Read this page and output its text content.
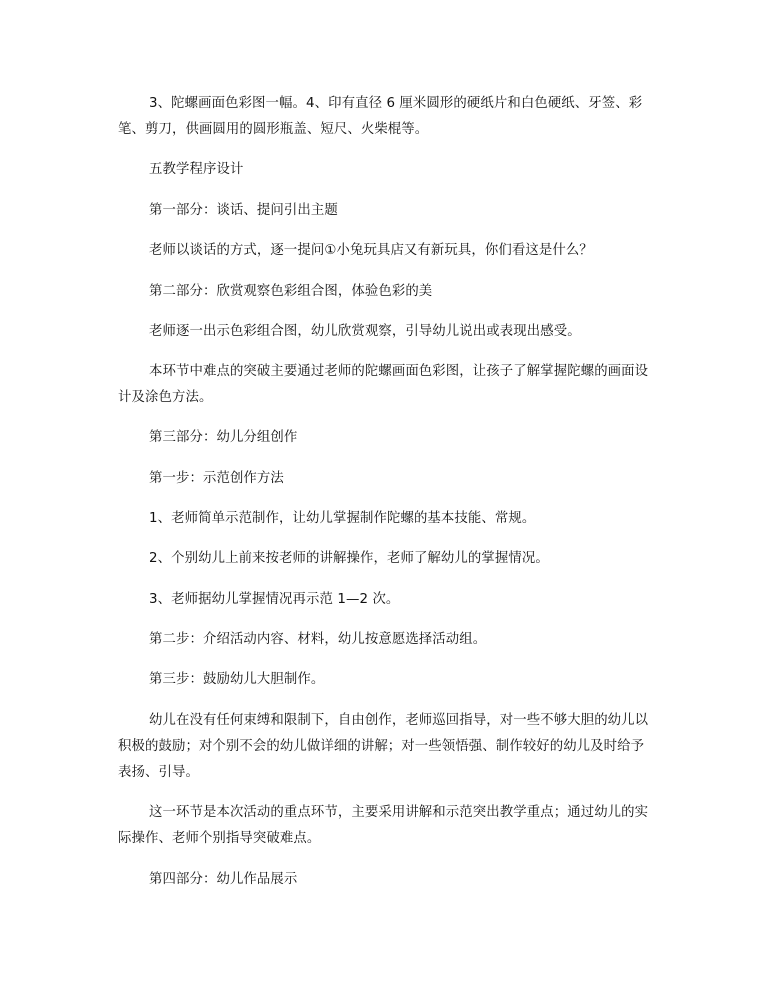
3、陀螺画面色彩图一幅。4、印有直径 6 厘米圆形的硬纸片和白色硬纸、牙签、彩笔、剪刀，供画圆用的圆形瓶盖、短尺、火柴棍等。

五教学程序设计

第一部分：谈话、提问引出主题

老师以谈话的方式，逐一提问①小兔玩具店又有新玩具，你们看这是什么？

第二部分：欣赏观察色彩组合图，体验色彩的美

老师逐一出示色彩组合图，幼儿欣赏观察，引导幼儿说出或表现出感受。

本环节中难点的突破主要通过老师的陀螺画面色彩图，让孩子了解掌握陀螺的画面设计及涂色方法。

第三部分：幼儿分组创作

第一步：示范创作方法

1、老师简单示范制作，让幼儿掌握制作陀螺的基本技能、常规。

2、个别幼儿上前来按老师的讲解操作，老师了解幼儿的掌握情况。

3、老师据幼儿掌握情况再示范 1—2 次。

第二步：介绍活动内容、材料，幼儿按意愿选择活动组。

第三步：鼓励幼儿大胆制作。

幼儿在没有任何束缚和限制下，自由创作，老师巡回指导，对一些不够大胆的幼儿以积极的鼓励；对个别不会的幼儿做详细的讲解；对一些领悟强、制作较好的幼儿及时给予表扬、引导。

这一环节是本次活动的重点环节，主要采用讲解和示范突出教学重点；通过幼儿的实际操作、老师个别指导突破难点。

第四部分：幼儿作品展示
